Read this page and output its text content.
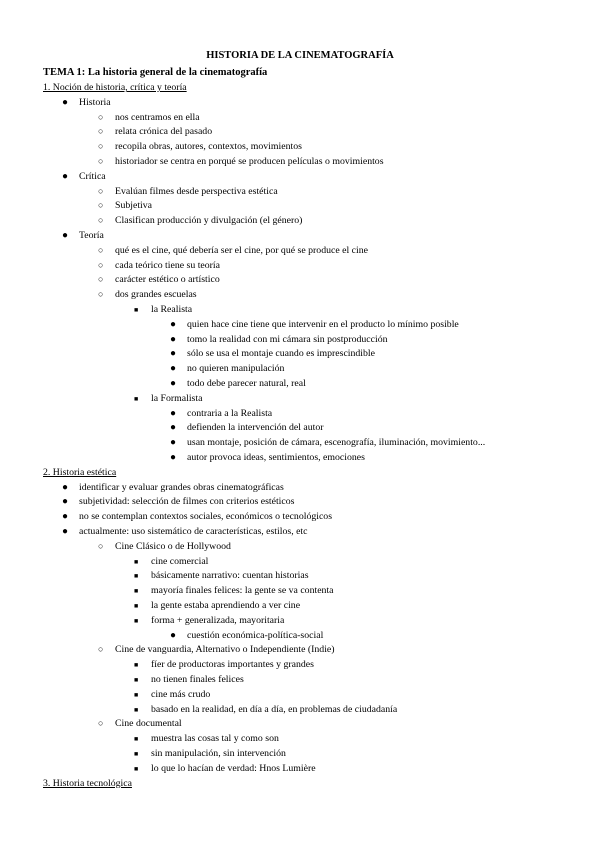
HISTORIA DE LA CINEMATOGRAFÍA
TEMA 1: La historia general de la cinematografía
1. Noción de historia, crítica y teoría
● Historia
○ nos centramos en ella
○ relata crónica del pasado
○ recopila obras, autores, contextos, movimientos
○ historiador se centra en porqué se producen películas o movimientos
● Crítica
○ Evalúan filmes desde perspectiva estética
○ Subjetiva
○ Clasifican producción y divulgación (el género)
● Teoría
○ qué es el cine, qué debería ser el cine, por qué se produce el cine
○ cada teórico tiene su teoría
○ carácter estético o artístico
○ dos grandes escuelas
■ la Realista
● quien hace cine tiene que intervenir en el producto lo mínimo posible
● tomo la realidad con mi cámara sin postproducción
● sólo se usa el montaje cuando es imprescindible
● no quieren manipulación
● todo debe parecer natural, real
■ la Formalista
● contraria a la Realista
● defienden la intervención del autor
● usan montaje, posición de cámara, escenografía, iluminación, movimiento...
● autor provoca ideas, sentimientos, emociones
2. Historia estética
● identificar y evaluar grandes obras cinematográficas
● subjetividad: selección de filmes con criterios estéticos
● no se contemplan contextos sociales, económicos o tecnológicos
● actualmente: uso sistemático de características, estilos, etc
○ Cine Clásico o de Hollywood
■ cine comercial
■ básicamente narrativo: cuentan historias
■ mayoría finales felices: la gente se va contenta
■ la gente estaba aprendiendo a ver cine
■ forma + generalizada, mayoritaria
● cuestión económica-política-social
○ Cine de vanguardia, Alternativo o Independiente (Indie)
■ fíer de productoras importantes y grandes
■ no tienen finales felices
■ cine más crudo
■ basado en la realidad, en día a día, en problemas de ciudadanía
○ Cine documental
■ muestra las cosas tal y como son
■ sin manipulación, sin intervención
■ lo que lo hacían de verdad: Hnos Lumière
3. Historia tecnológica
